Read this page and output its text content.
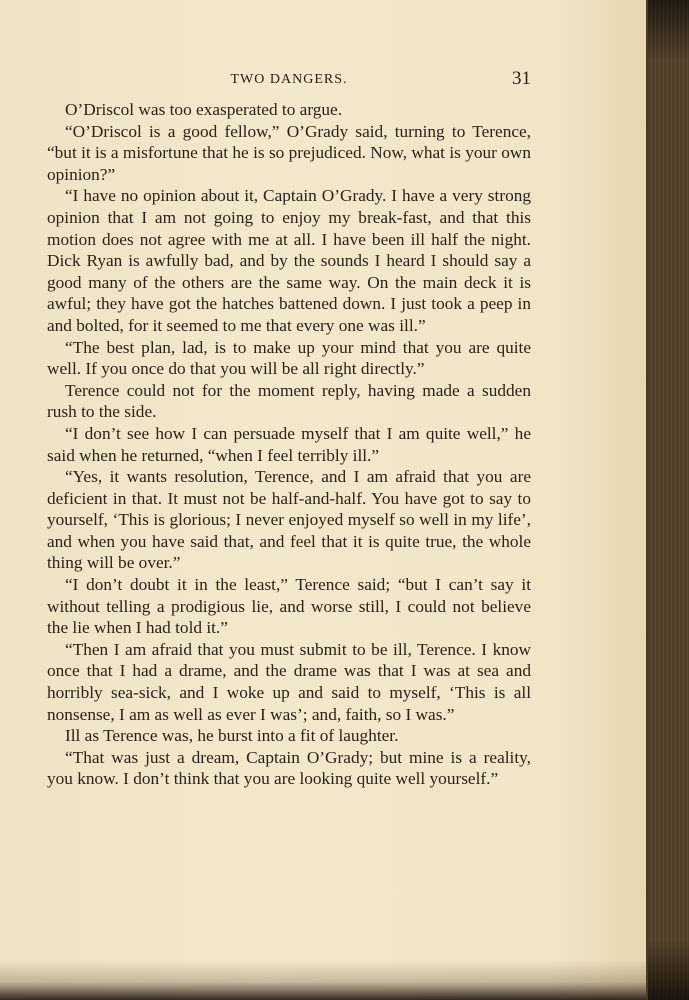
TWO DANGERS.	31

O’Driscol was too exasperated to argue.

“O’Driscol is a good fellow,” O’Grady said, turning to Terence, “but it is a misfortune that he is so prejudiced. Now, what is your own opinion?”

“I have no opinion about it, Captain O’Grady. I have a very strong opinion that I am not going to enjoy my break-fast, and that this motion does not agree with me at all. I have been ill half the night. Dick Ryan is awfully bad, and by the sounds I heard I should say a good many of the others are the same way. On the main deck it is awful; they have got the hatches battened down. I just took a peep in and bolted, for it seemed to me that every one was ill.”

“The best plan, lad, is to make up your mind that you are quite well. If you once do that you will be all right directly.”

Terence could not for the moment reply, having made a sudden rush to the side.

“I don’t see how I can persuade myself that I am quite well,” he said when he returned, “when I feel terribly ill.”

“Yes, it wants resolution, Terence, and I am afraid that you are deficient in that. It must not be half-and-half. You have got to say to yourself, ‘This is glorious; I never enjoyed myself so well in my life’, and when you have said that, and feel that it is quite true, the whole thing will be over.”

“I don’t doubt it in the least,” Terence said; “but I can’t say it without telling a prodigious lie, and worse still, I could not believe the lie when I had told it.”

“Then I am afraid that you must submit to be ill, Terence. I know once that I had a drame, and the drame was that I was at sea and horribly sea-sick, and I woke up and said to myself, ‘This is all nonsense, I am as well as ever I was’; and, faith, so I was.”

Ill as Terence was, he burst into a fit of laughter.

“That was just a dream, Captain O’Grady; but mine is a reality, you know. I don’t think that you are looking quite well yourself.”
